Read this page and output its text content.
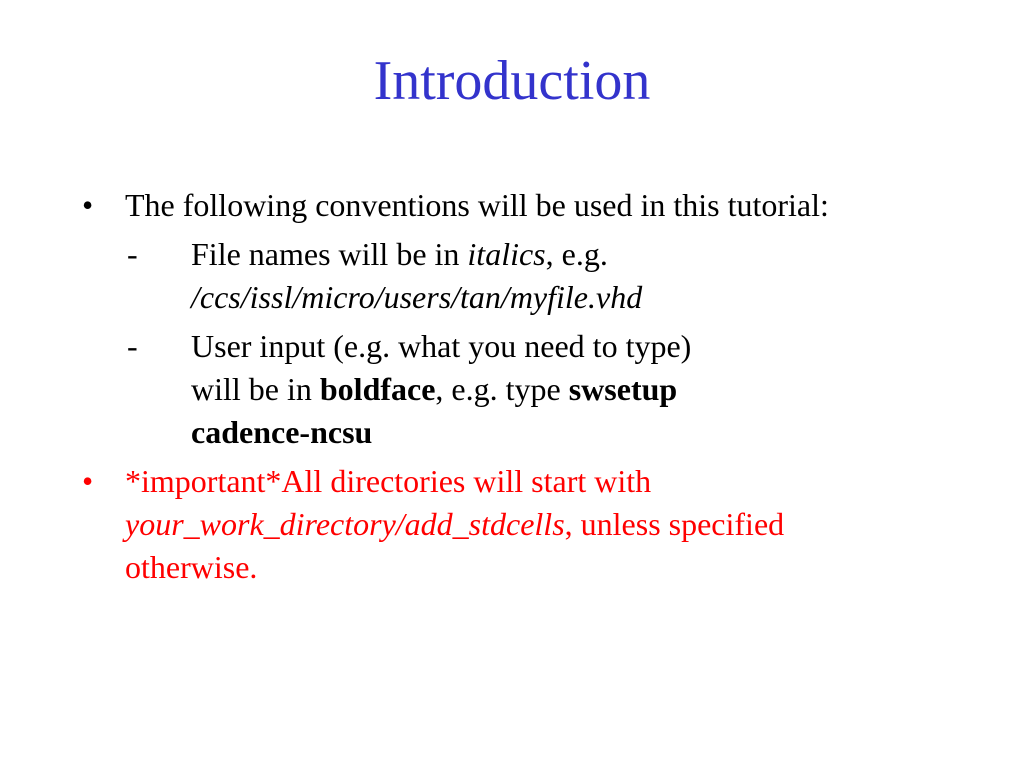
Introduction
• The following conventions will be used in this tutorial:
- File names will be in italics, e.g.
/ccs/issl/micro/users/tan/myfile.vhd
- User input (e.g. what you need to type)
will be in boldface, e.g. type swsetup
cadence-ncsu
• *important*All directories will start with
your_work_directory/add_stdcells, unless specified otherwise.
